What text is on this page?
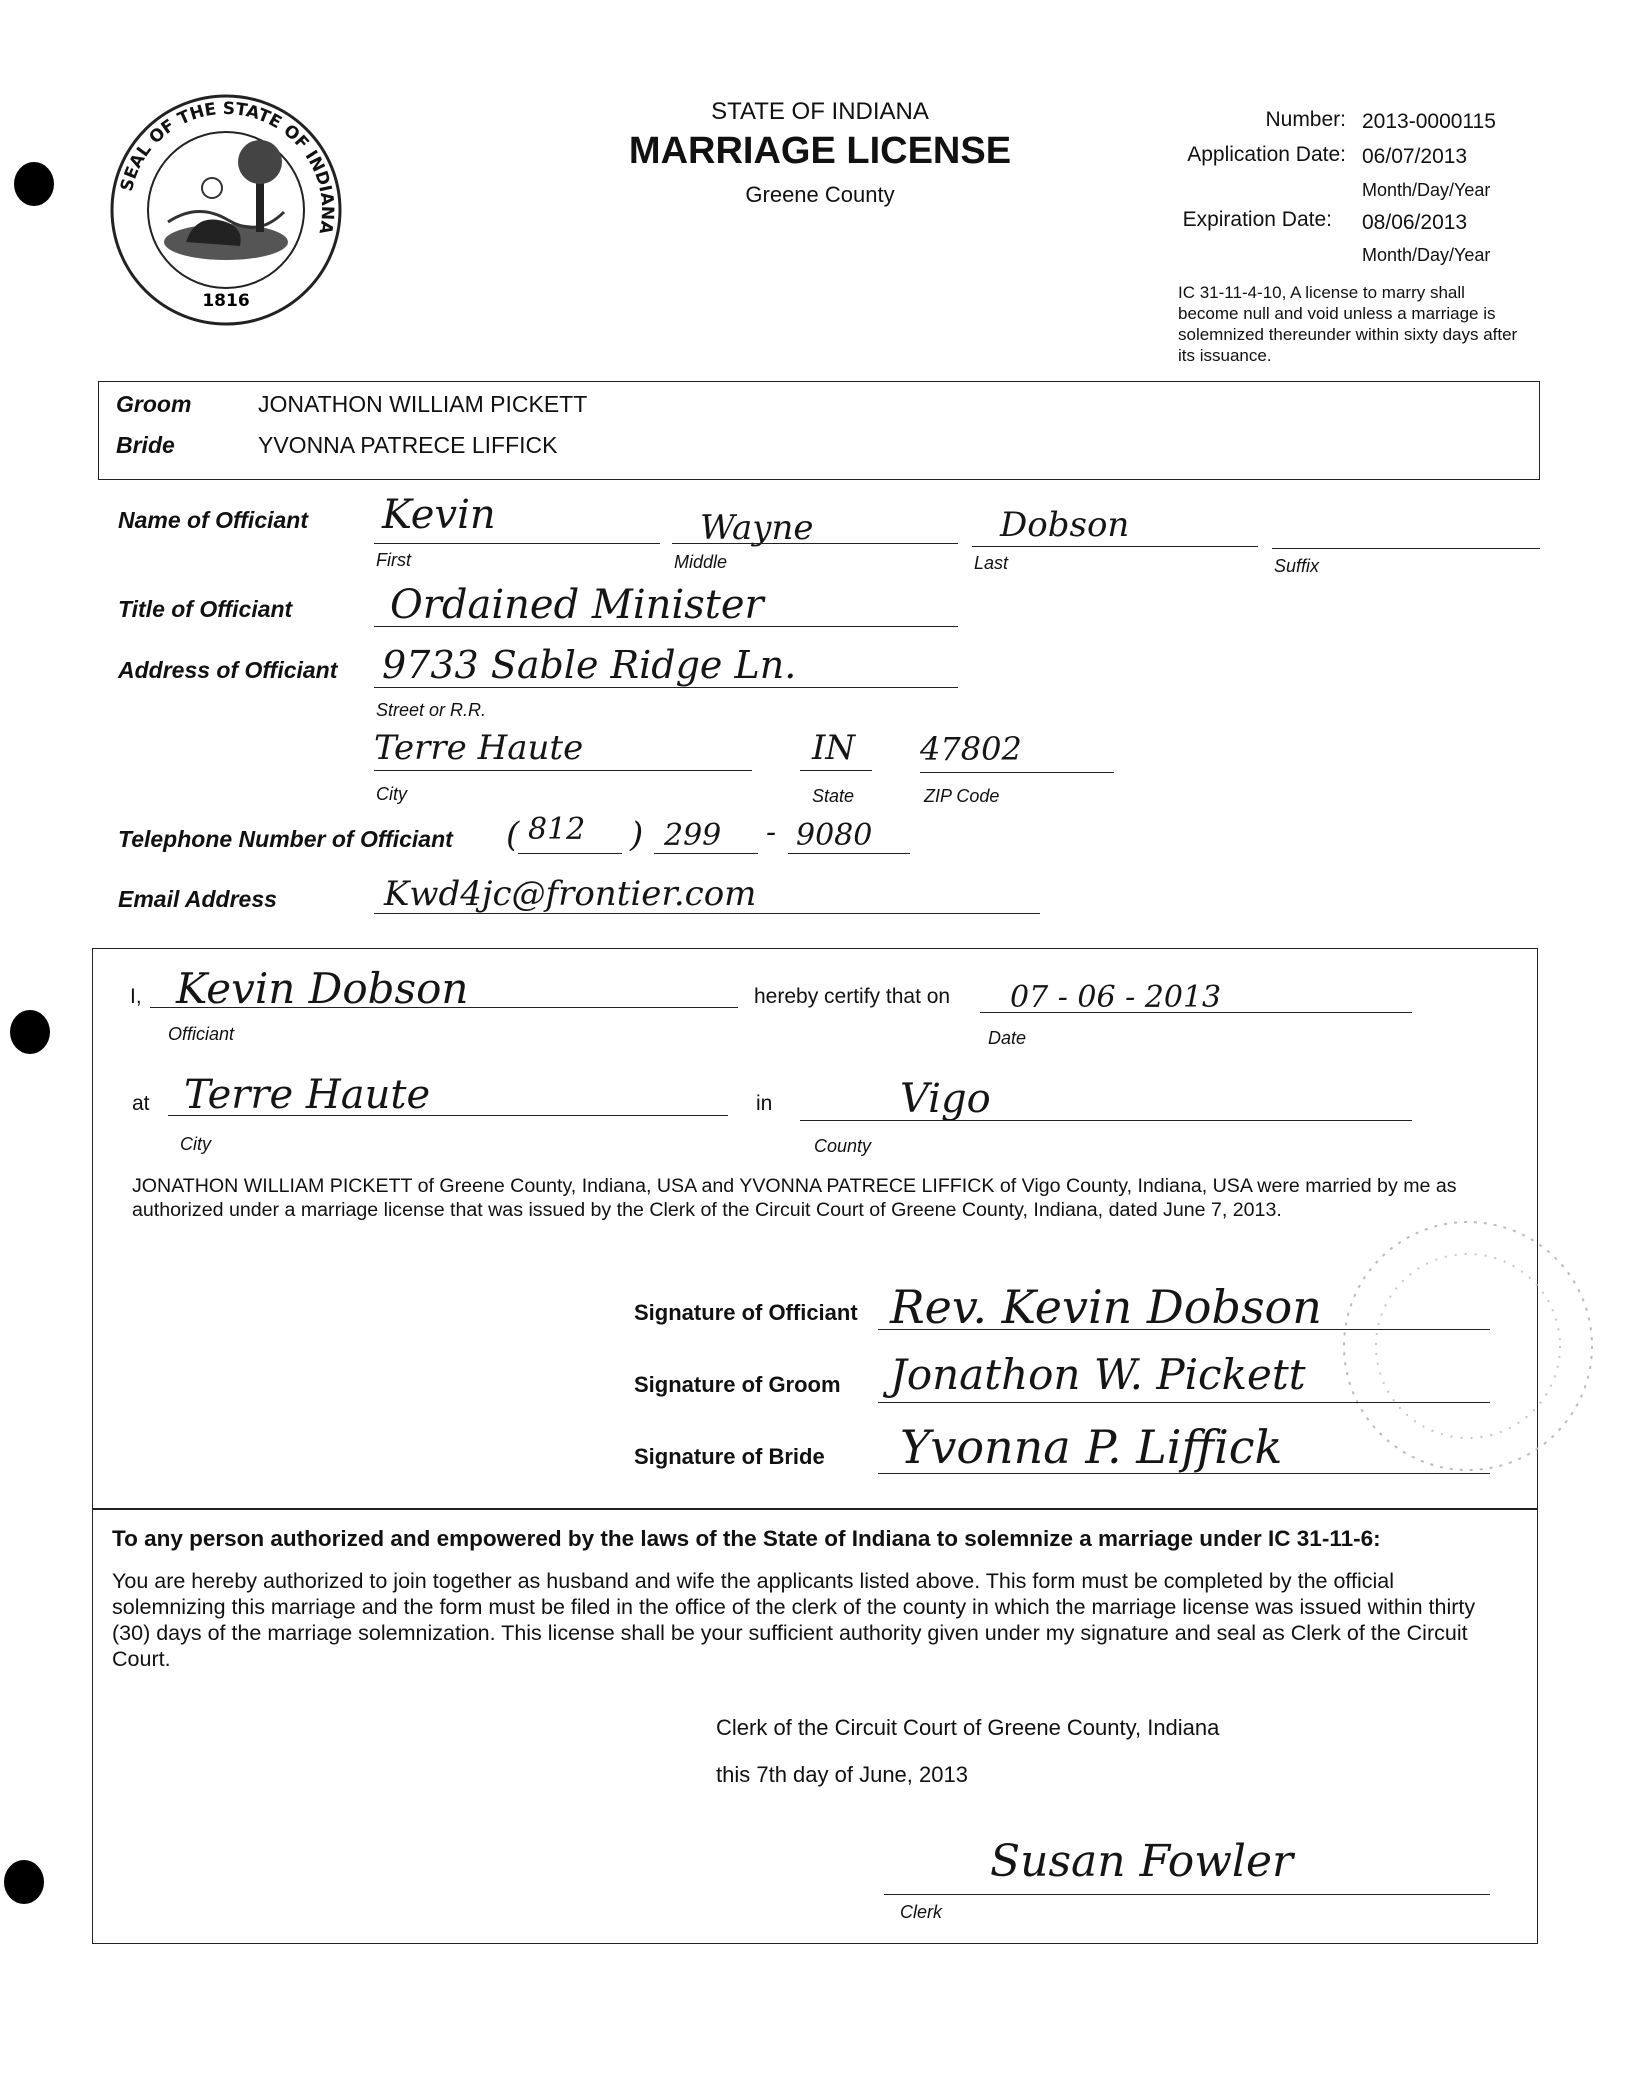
SEAL OF THE STATE OF INDIANA
1816
STATE OF INDIANA
MARRIAGE LICENSE
Greene County
Number: 2013-0000115
Application Date: 06/07/2013
Month/Day/Year
Expiration Date: 08/06/2013
Month/Day/Year
IC 31-11-4-10, A license to marry shall become null and void unless a marriage is solemnized thereunder within sixty days after its issuance.
Groom	JONATHON WILLIAM PICKETT
Bride	YVONNA PATRECE LIFFICK
Name of Officiant Kevin
First
Wayne
Middle
Dobson
Last	Suffix
Title of Officiant Ordained Minister
Address of Officiant 9733 Sable Ridge Ln.
Street or R.R.
Terre Haute
City
IN
State
47802
ZIP Code
Telephone Number of Officiant ( 812 ) 299 - 9080
Email Address	Kwd4jc@frontier.com
I, Kevin Dobson
Officiant
hereby certify that on 07 - 06 - 2013
Date
at Terre Haute
City
in	Vigo
County
JONATHON WILLIAM PICKETT of Greene County, Indiana, USA and YVONNA PATRECE LIFFICK of Vigo County, Indiana, USA were married by me as authorized under a marriage license that was issued by the Clerk of the Circuit Court of Greene County, Indiana, dated June 7, 2013.
Signature of Officiant Rev. Kevin Dobson
Signature of Groom Jonathon W. Pickett
Signature of Bride Yvonna P. Liffick
To any person authorized and empowered by the laws of the State of Indiana to solemnize a marriage under IC 31-11-6:
You are hereby authorized to join together as husband and wife the applicants listed above. This form must be completed by the official solemnizing this marriage and the form must be filed in the office of the clerk of the county in which the marriage license was issued within thirty (30) days of the marriage solemnization. This license shall be your sufficient authority given under my signature and seal as Clerk of the Circuit Court.
Clerk of the Circuit Court of Greene County, Indiana
this 7th day of June, 2013
Susan Fowler
Clerk
